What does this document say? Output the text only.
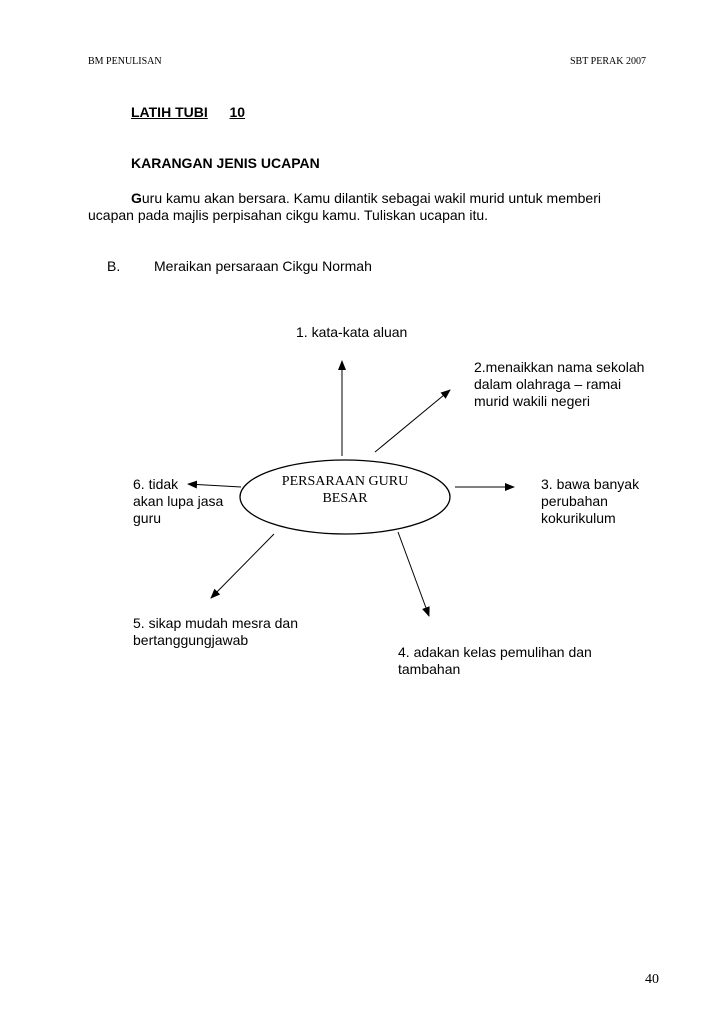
BM PENULISAN	SBT PERAK 2007
LATIH TUBI 10
KARANGAN JENIS UCAPAN
Guru kamu akan bersara. Kamu dilantik sebagai wakil murid untuk memberi
ucapan pada majlis perpisahan cikgu kamu. Tuliskan ucapan itu.
B. Meraikan persaraan Cikgu Normah
PERSARAAN GURU
BESAR
1. kata-kata aluan
2.menaikkan nama sekolah
dalam olahraga – ramai
murid wakili negeri
3. bawa banyak
perubahan
kokurikulum
4. adakan kelas pemulihan dan
tambahan
5. sikap mudah mesra dan
bertanggungjawab
6. tidak
akan lupa jasa
guru
40
